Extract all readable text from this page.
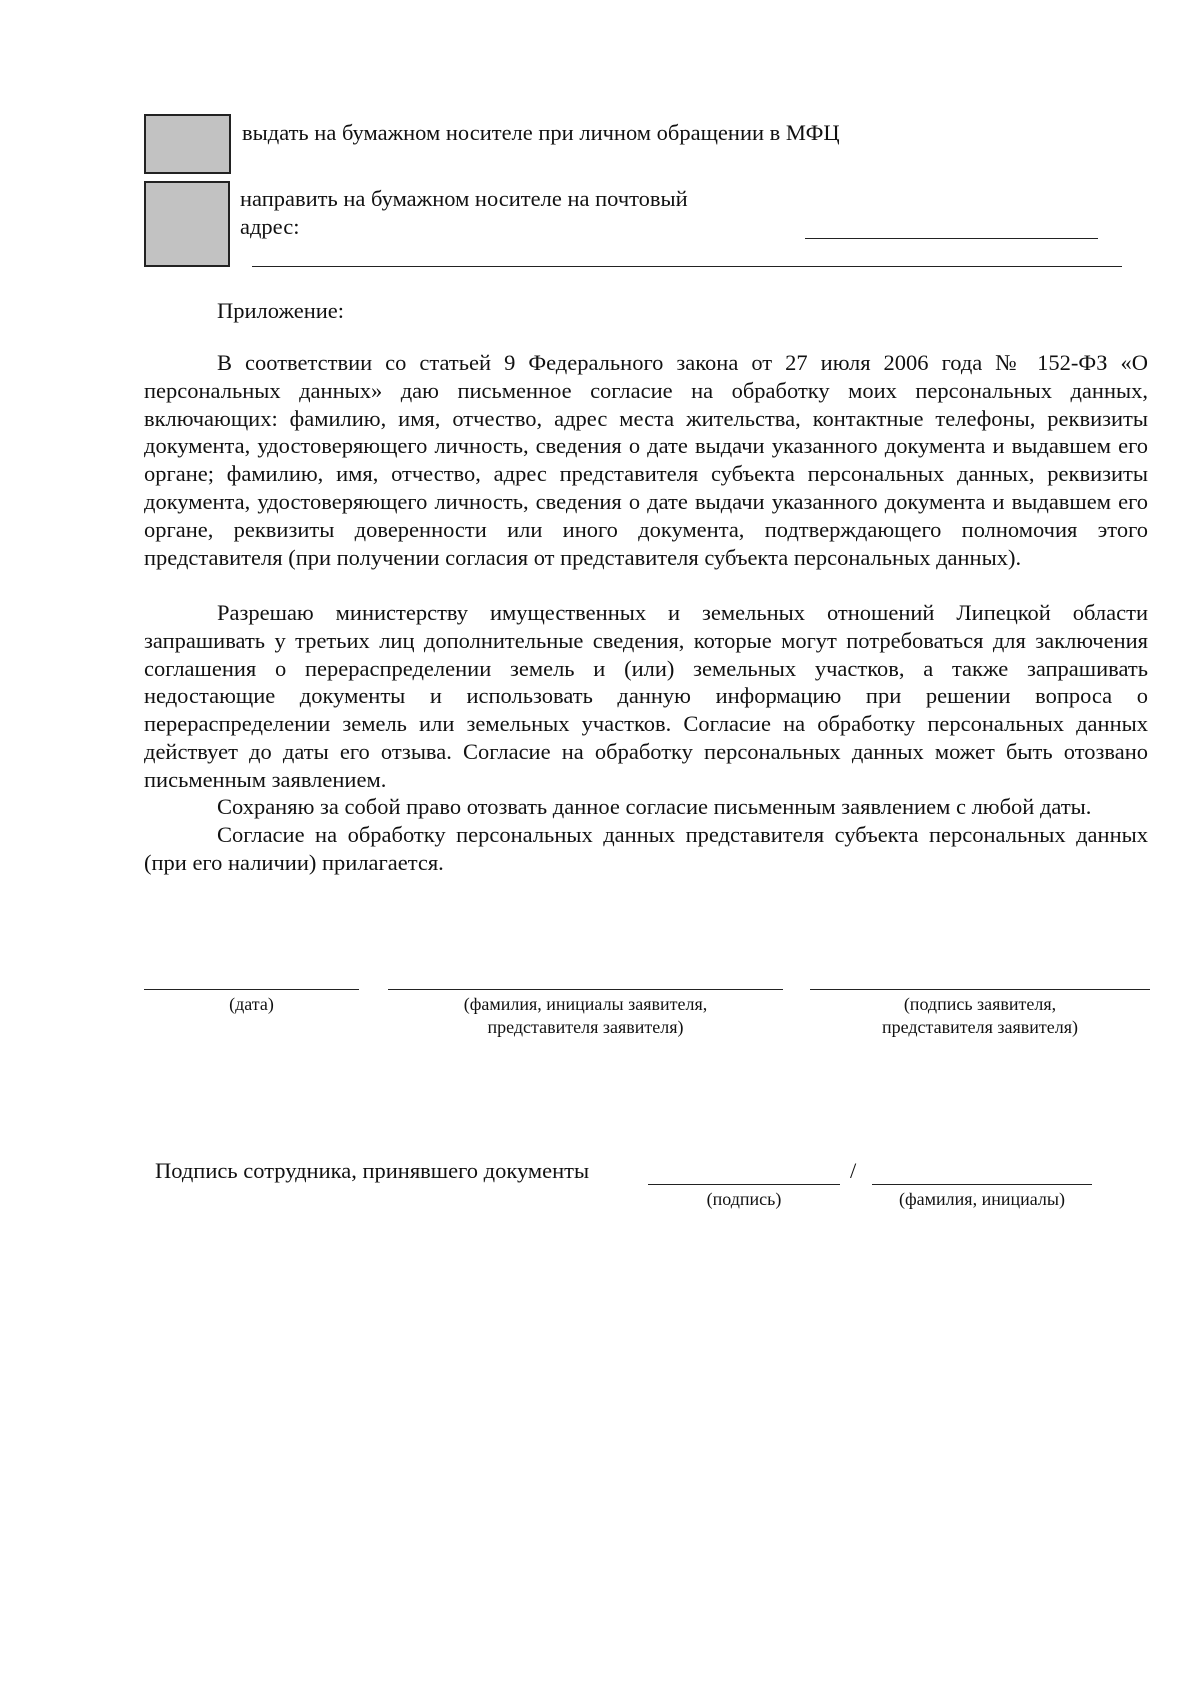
выдать на бумажном носителе при личном обращении в МФЦ
направить на бумажном носителе на почтовый
адрес:
Приложение:

В соответствии со статьей 9 Федерального закона от 27 июля 2006 года № 152-ФЗ «О персональных данных» даю письменное согласие на обработку моих персональных данных, включающих: фамилию, имя, отчество, адрес места жительства, контактные телефоны, реквизиты документа, удостоверяющего личность, сведения о дате выдачи указанного документа и выдавшем его органе; фамилию, имя, отчество, адрес представителя субъекта персональных данных, реквизиты документа, удостоверяющего личность, сведения о дате выдачи указанного документа и выдавшем его органе, реквизиты доверенности или иного документа, подтверждающего полномочия этого представителя (при получении согласия от представителя субъекта персональных данных).

Разрешаю министерству имущественных и земельных отношений Липецкой области запрашивать у третьих лиц дополнительные сведения, которые могут потребоваться для заключения соглашения о перераспределении земель и (или) земельных участков, а также запрашивать недостающие документы и использовать данную информацию при решении вопроса о перераспределении земель или земельных участков. Согласие на обработку персональных данных действует до даты его отзыва. Согласие на обработку персональных данных может быть отозвано письменным заявлением.

Сохраняю за собой право отозвать данное согласие письменным заявлением с любой даты.

Согласие на обработку персональных данных представителя субъекта персональных данных (при его наличии) прилагается.

(дата)	(фамилия, инициалы заявителя,
представителя заявителя)
(подпись заявителя,
представителя заявителя)
Подпись сотрудника, принявшего документы	/
(подпись)	(фамилия, инициалы)
